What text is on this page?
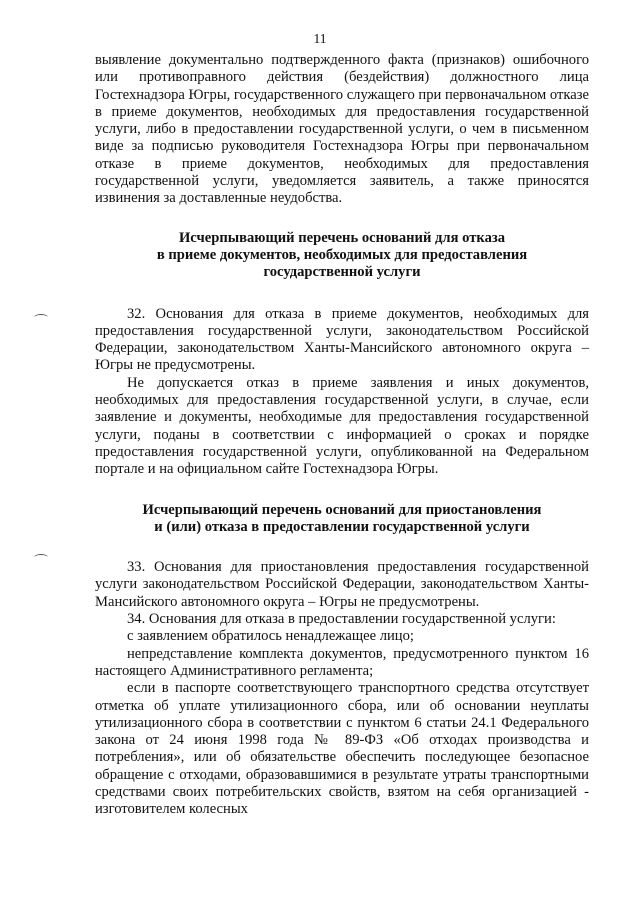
11

выявление документально подтвержденного факта (признаков) ошибочного или противоправного действия (бездействия) должностного лица Гостехнадзора Югры, государственного служащего при первоначальном отказе в приеме документов, необходимых для предоставления государственной услуги, либо в предоставлении государственной услуги, о чем в письменном виде за подписью руководителя Гостехнадзора Югры при первоначальном отказе в приеме документов, необходимых для предоставления государственной услуги, уведомляется заявитель, а также приносятся извинения за доставленные неудобства.

Исчерпывающий перечень оснований для отказа
в приеме документов, необходимых для предоставления
государственной услуги

32. Основания для отказа в приеме документов, необходимых для предоставления государственной услуги, законодательством Российской Федерации, законодательством Ханты-Мансийского автономного округа – Югры не предусмотрены.

Не допускается отказ в приеме заявления и иных документов, необходимых для предоставления государственной услуги, в случае, если заявление и документы, необходимые для предоставления государственной услуги, поданы в соответствии с информацией о сроках и порядке предоставления государственной услуги, опубликованной на Федеральном портале и на официальном сайте Гостехнадзора Югры.

Исчерпывающий перечень оснований для приостановления
и (или) отказа в предоставлении государственной услуги

33. Основания для приостановления предоставления государственной услуги законодательством Российской Федерации, законодательством Ханты-Мансийского автономного округа – Югры не предусмотрены.

34. Основания для отказа в предоставлении государственной услуги:

с заявлением обратилось ненадлежащее лицо;

непредставление комплекта документов, предусмотренного пунктом 16 настоящего Административного регламента;

если в паспорте соответствующего транспортного средства отсутствует отметка об уплате утилизационного сбора, или об основании неуплаты утилизационного сбора в соответствии с пунктом 6 статьи 24.1 Федерального закона от 24 июня 1998 года № 89-ФЗ «Об отходах производства и потребления», или об обязательстве обеспечить последующее безопасное обращение с отходами, образовавшимися в результате утраты транспортными средствами своих потребительских свойств, взятом на себя организацией - изготовителем колесных
